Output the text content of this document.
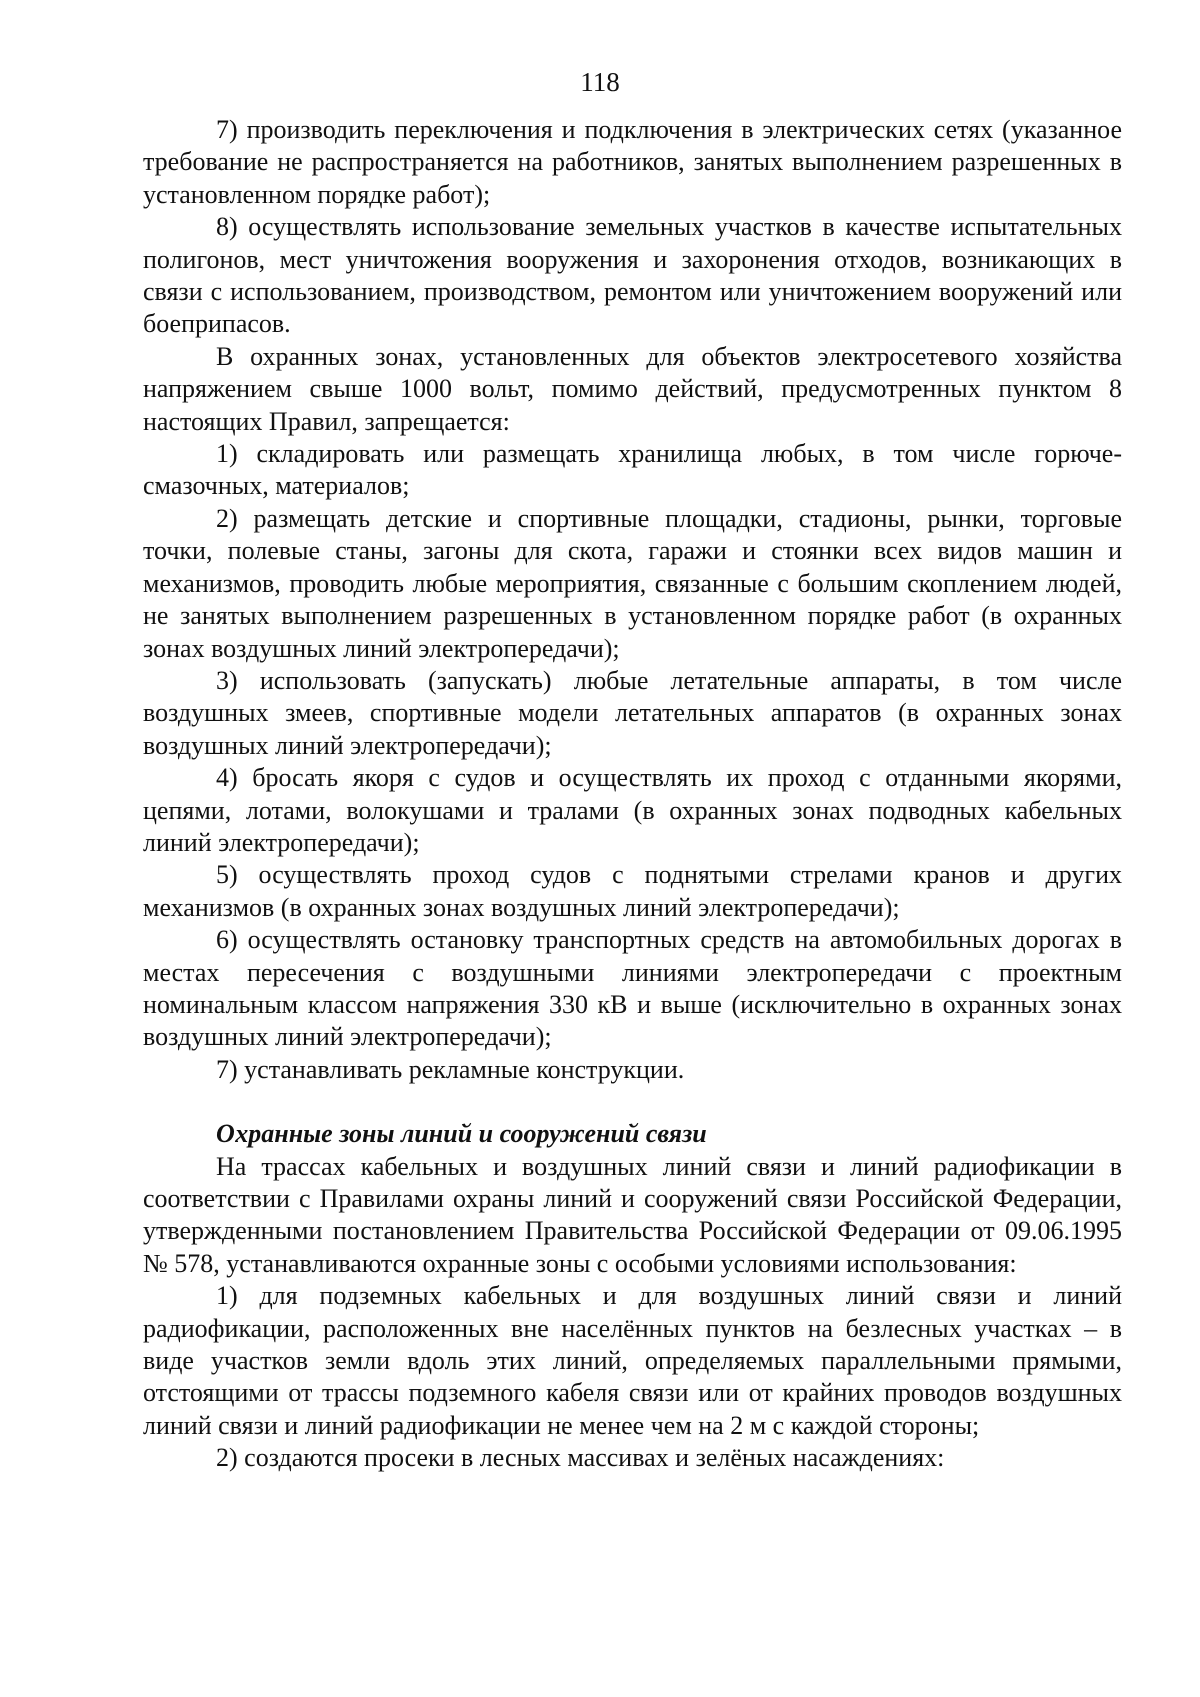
118

7) производить переключения и подключения в электрических сетях (указанное требование не распространяется на работников, занятых выполнением разрешенных в установленном порядке работ);

8) осуществлять использование земельных участков в качестве испытательных полигонов, мест уничтожения вооружения и захоронения отходов, возникающих в связи с использованием, производством, ремонтом или уничтожением вооружений или боеприпасов.

В охранных зонах, установленных для объектов электросетевого хозяйства напряжением свыше 1000 вольт, помимо действий, предусмотренных пунктом 8 настоящих Правил, запрещается:

1) складировать или размещать хранилища любых, в том числе горюче-смазочных, материалов;

2) размещать детские и спортивные площадки, стадионы, рынки, торговые точки, полевые станы, загоны для скота, гаражи и стоянки всех видов машин и механизмов, проводить любые мероприятия, связанные с большим скоплением людей, не занятых выполнением разрешенных в установленном порядке работ (в охранных зонах воздушных линий электропередачи);

3) использовать (запускать) любые летательные аппараты, в том числе воздушных змеев, спортивные модели летательных аппаратов (в охранных зонах воздушных линий электропередачи);

4) бросать якоря с судов и осуществлять их проход с отданными якорями, цепями, лотами, волокушами и тралами (в охранных зонах подводных кабельных линий электропередачи);

5) осуществлять проход судов с поднятыми стрелами кранов и других механизмов (в охранных зонах воздушных линий электропередачи);

6) осуществлять остановку транспортных средств на автомобильных дорогах в местах пересечения с воздушными линиями электропередачи с проектным номинальным классом напряжения 330 кВ и выше (исключительно в охранных зонах воздушных линий электропередачи);

7) устанавливать рекламные конструкции.

Охранные зоны линий и сооружений связи

На трассах кабельных и воздушных линий связи и линий радиофикации в соответствии с Правилами охраны линий и сооружений связи Российской Федерации, утвержденными постановлением Правительства Российской Федерации от 09.06.1995 № 578, устанавливаются охранные зоны с особыми условиями использования:

1) для подземных кабельных и для воздушных линий связи и линий радиофикации, расположенных вне населённых пунктов на безлесных участках – в виде участков земли вдоль этих линий, определяемых параллельными прямыми, отстоящими от трассы подземного кабеля связи или от крайних проводов воздушных линий связи и линий радиофикации не менее чем на 2 м с каждой стороны;

2) создаются просеки в лесных массивах и зелёных насаждениях:
